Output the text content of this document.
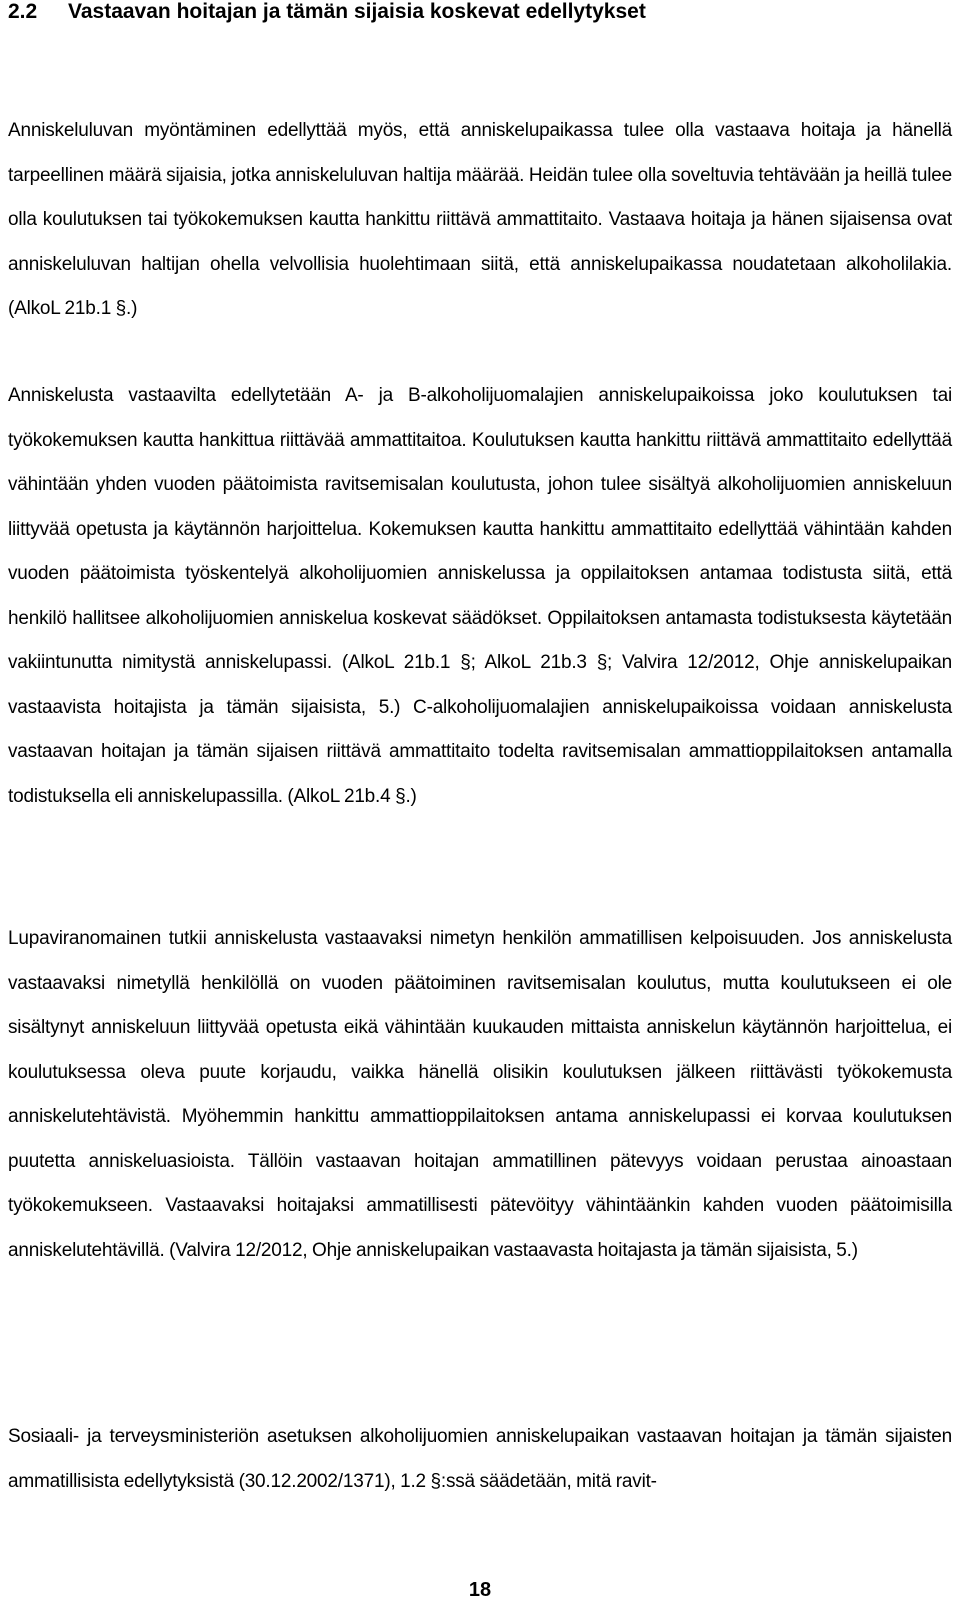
2.2 Vastaavan hoitajan ja tämän sijaisia koskevat edellytykset
Anniskeluluvan myöntäminen edellyttää myös, että anniskelupaikassa tulee olla vastaava hoitaja ja hänellä tarpeellinen määrä sijaisia, jotka anniskeluluvan haltija määrää. Heidän tulee olla soveltuvia tehtävään ja heillä tulee olla koulutuksen tai työkokemuksen kautta hankittu riittävä ammattitaito. Vastaava hoitaja ja hänen sijaisensa ovat anniskeluluvan haltijan ohella velvollisia huolehtimaan siitä, että anniskelupaikassa noudatetaan alkoholilakia. (AlkoL 21b.1 §.)
Anniskelusta vastaavilta edellytetään A- ja B-alkoholijuomalajien anniskelupaikoissa joko koulutuksen tai työkokemuksen kautta hankittua riittävää ammattitaitoa. Koulutuksen kautta hankittu riittävä ammattitaito edellyttää vähintään yhden vuoden päätoimista ravitsemisalan koulutusta, johon tulee sisältyä alkoholijuomien anniskeluun liittyvää opetusta ja käytännön harjoittelua. Kokemuksen kautta hankittu ammattitaito edellyttää vähintään kahden vuoden päätoimista työskentelyä alkoholijuomien anniskelussa ja oppilaitoksen antamaa todistusta siitä, että henkilö hallitsee alkoholijuomien anniskelua koskevat säädökset. Oppilaitoksen antamasta todistuksesta käytetään vakiintunutta nimitystä anniskelupassi. (AlkoL 21b.1 §; AlkoL 21b.3 §; Valvira 12/2012, Ohje anniskelupaikan vastaavista hoitajista ja tämän sijaisista, 5.) C-alkoholijuomalajien anniskelupaikoissa voidaan anniskelusta vastaavan hoitajan ja tämän sijaisen riittävä ammattitaito todelta ravitsemisalan ammattioppilaitoksen antamalla todistuksella eli anniskelupassilla. (AlkoL 21b.4 §.)
Lupaviranomainen tutkii anniskelusta vastaavaksi nimetyn henkilön ammatillisen kelpoisuuden. Jos anniskelusta vastaavaksi nimetyllä henkilöllä on vuoden päätoiminen ravitsemisalan koulutus, mutta koulutukseen ei ole sisältynyt anniskeluun liittyvää opetusta eikä vähintään kuukauden mittaista anniskelun käytännön harjoittelua, ei koulutuksessa oleva puute korjaudu, vaikka hänellä olisikin koulutuksen jälkeen riittävästi työkokemusta anniskelutehtävistä. Myöhemmin hankittu ammattioppilaitoksen antama anniskelupassi ei korvaa koulutuksen puutetta anniskeluasioista. Tällöin vastaavan hoitajan ammatillinen pätevyys voidaan perustaa ainoastaan työkokemukseen. Vastaavaksi hoitajaksi ammatillisesti pätevöityy vähintäänkin kahden vuoden päätoimisilla anniskelutehtävillä. (Valvira 12/2012, Ohje anniskelupaikan vastaavasta hoitajasta ja tämän sijaisista, 5.)
Sosiaali- ja terveysministeriön asetuksen alkoholijuomien anniskelupaikan vastaavan hoitajan ja tämän sijaisten ammatillisista edellytyksistä (30.12.2002/1371), 1.2 §:ssä säädetään, mitä ravit-
18
